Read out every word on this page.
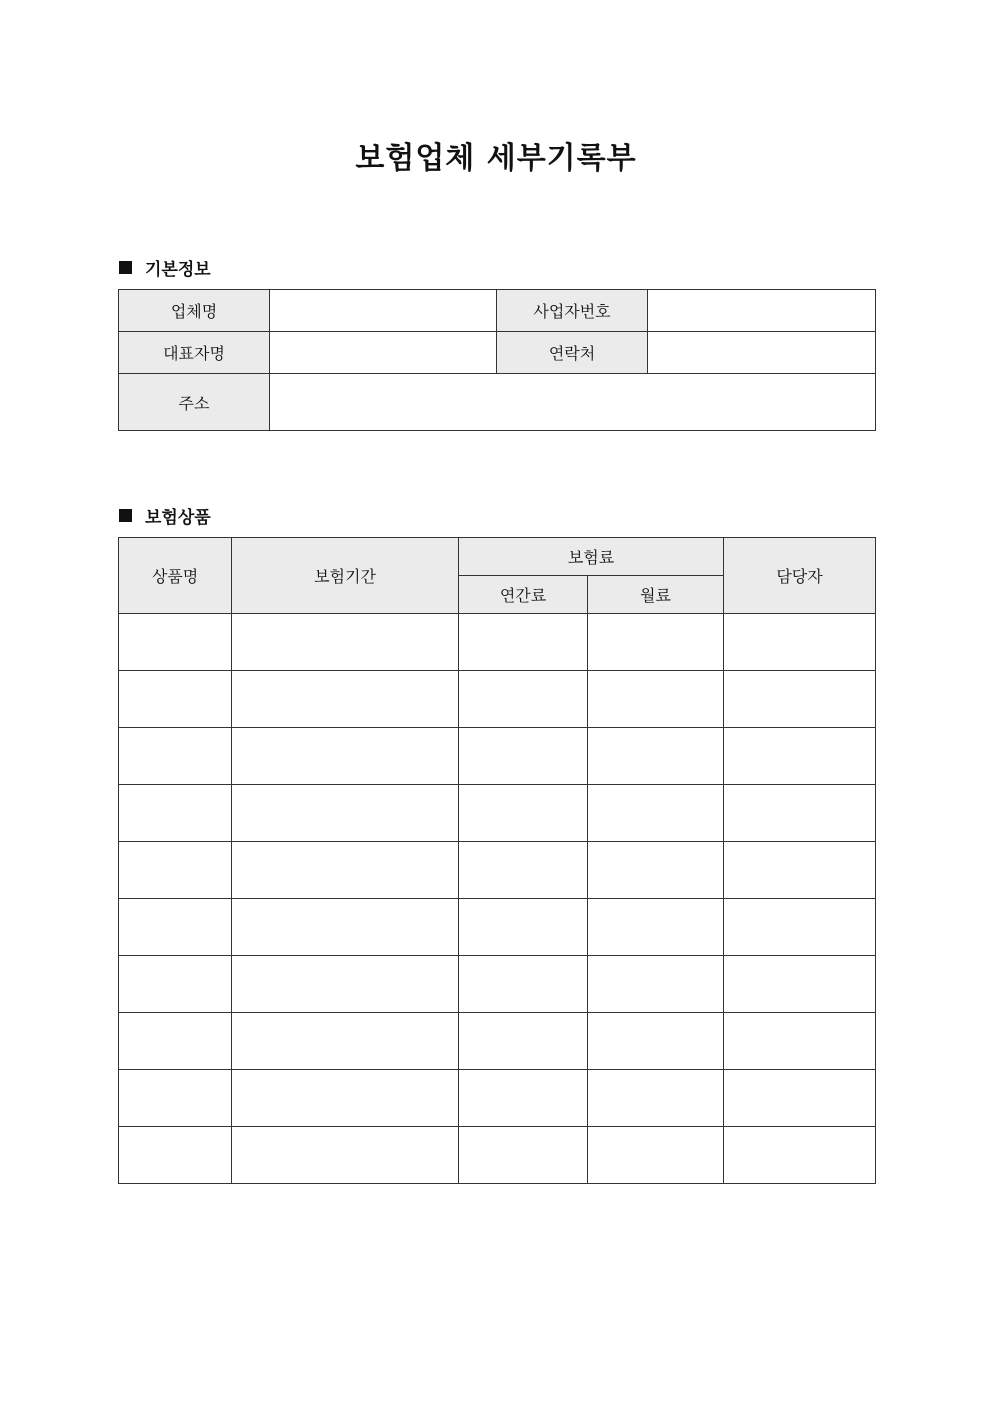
보험업체 세부기록부
기본정보
업체명		사업자번호	
대표자명		연락처	
주소			
보험상품
상품명	보험기간	보험료		담당자
		연간료	월료	
